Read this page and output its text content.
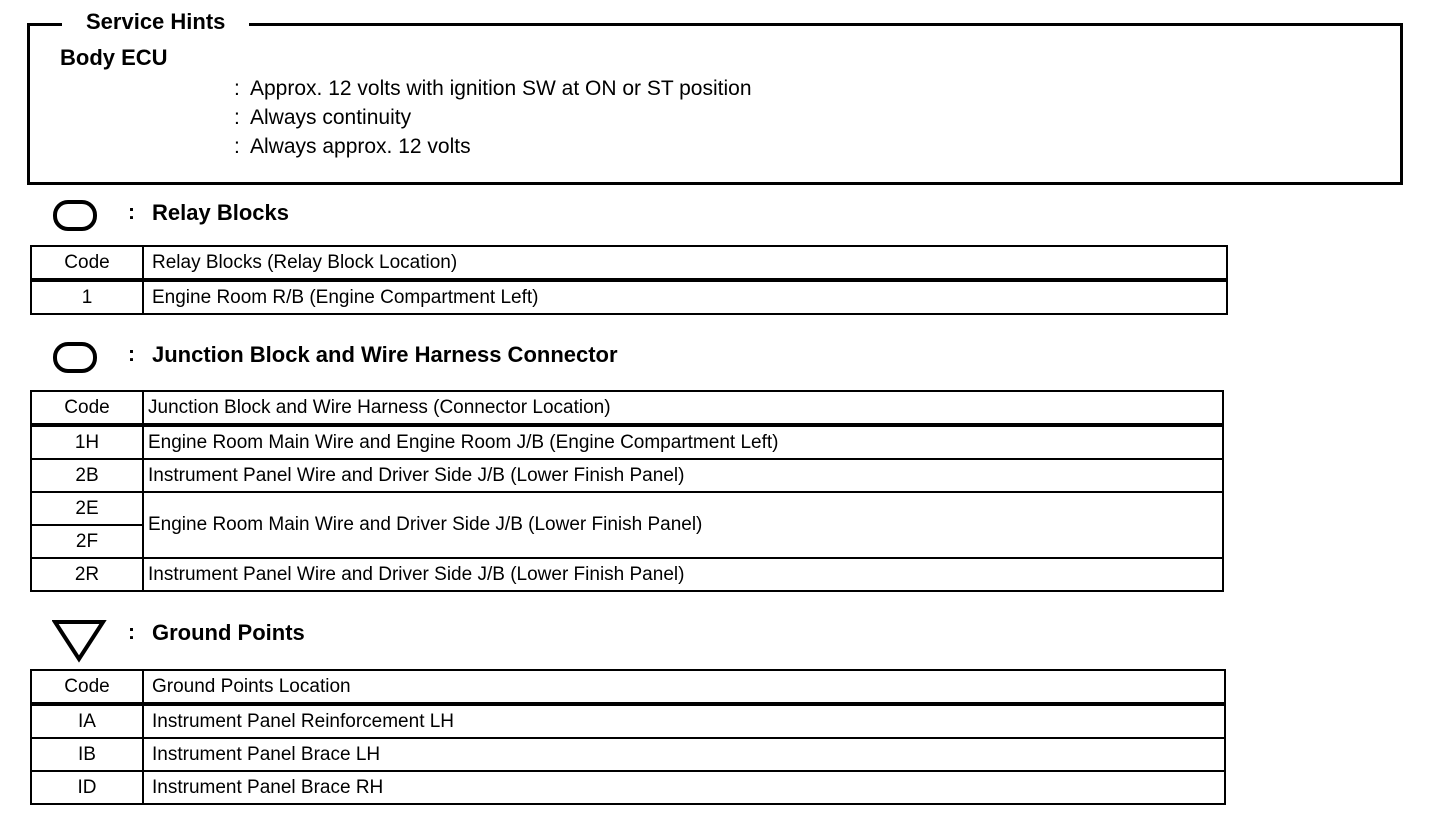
Service Hints
Body ECU
: Approx. 12 volts with ignition SW at ON or ST position
: Always continuity
: Always approx. 12 volts
: Relay Blocks
Code	Relay Blocks (Relay Block Location)
1	Engine Room R/B (Engine Compartment Left)
: Junction Block and Wire Harness Connector
Code	Junction Block and Wire Harness (Connector Location)
1H	Engine Room Main Wire and Engine Room J/B (Engine Compartment Left)
2B	Instrument Panel Wire and Driver Side J/B (Lower Finish Panel)
2E	Engine Room Main Wire and Driver Side J/B (Lower Finish Panel)
2F	
2R	Instrument Panel Wire and Driver Side J/B (Lower Finish Panel)
: Ground Points
Code	Ground Points Location
IA	Instrument Panel Reinforcement LH
IB	Instrument Panel Brace LH
ID	Instrument Panel Brace RH
